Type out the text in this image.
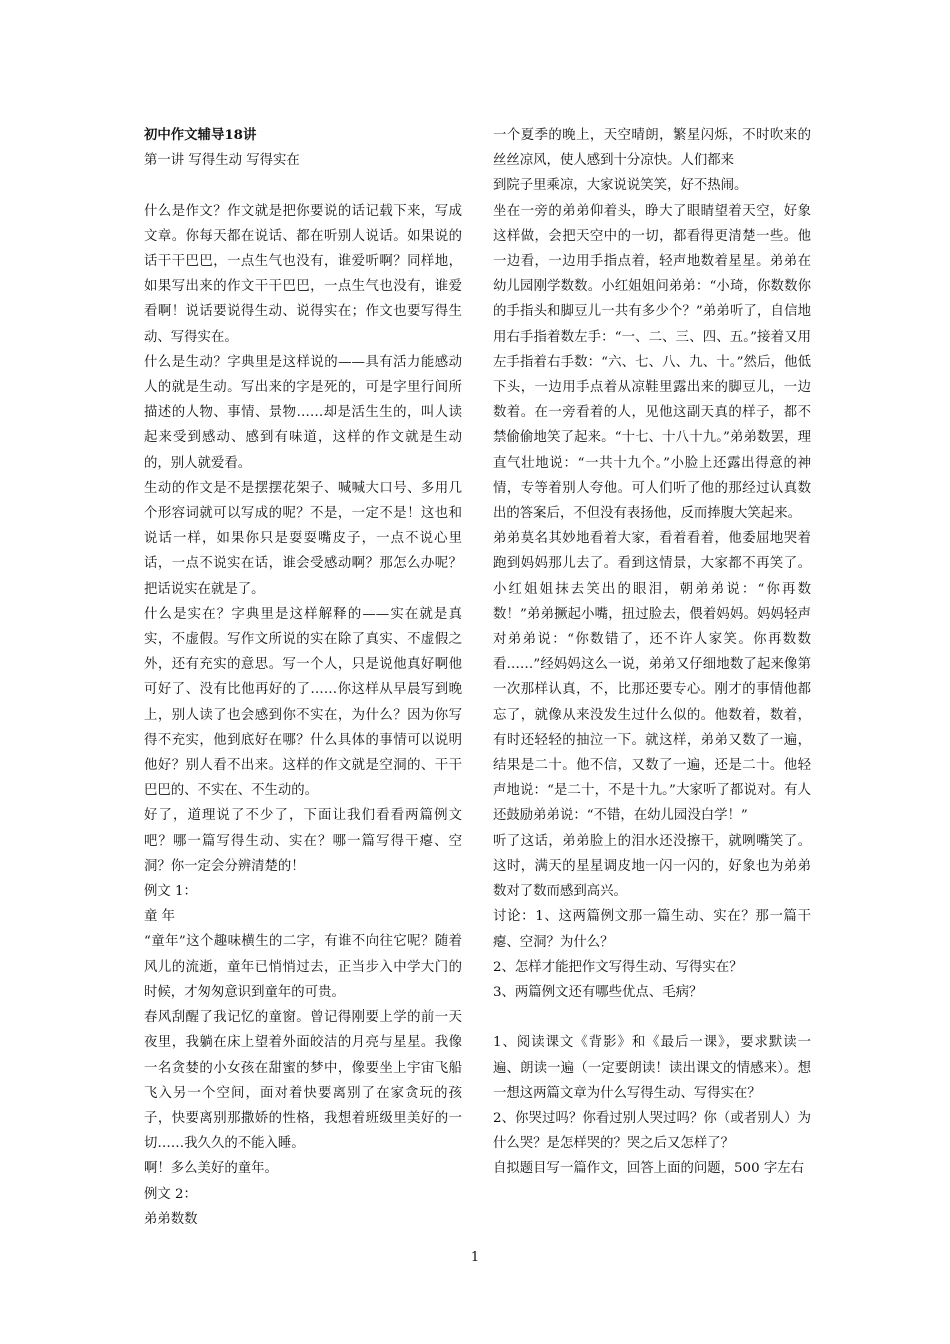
初中作文辅导18讲
第一讲 写得生动 写得实在
什么是作文？作文就是把你要说的话记载下来，写成文章。你每天都在说话、都在听别人说话。如果说的话干干巴巴，一点生气也没有，谁爱听啊？同样地，如果写出来的作文干干巴巴，一点生气也没有，谁爱看啊！说话要说得生动、说得实在；作文也要写得生动、写得实在。
什么是生动？字典里是这样说的——具有活力能感动人的就是生动。写出来的字是死的，可是字里行间所描述的人物、事情、景物……却是活生生的，叫人读起来受到感动、感到有味道，这样的作文就是生动的，别人就爱看。
生动的作文是不是摆摆花架子、喊喊大口号、多用几个形容词就可以写成的呢？不是，一定不是！这也和说话一样，如果你只是耍耍嘴皮子，一点不说心里话，一点不说实在话，谁会受感动啊？那怎么办呢？把话说实在就是了。
什么是实在？字典里是这样解释的——实在就是真实，不虚假。写作文所说的实在除了真实、不虚假之外，还有充实的意思。写一个人，只是说他真好啊他可好了、没有比他再好的了……你这样从早晨写到晚上，别人读了也会感到你不实在，为什么？因为你写得不充实，他到底好在哪？什么具体的事情可以说明他好？别人看不出来。这样的作文就是空洞的、干干巴巴的、不实在、不生动的。
好了，道理说了不少了，下面让我们看看两篇例文吧？哪一篇写得生动、实在？哪一篇写得干瘪、空洞？你一定会分辨清楚的！
例文 1：
童 年
“童年”这个趣味横生的二字，有谁不向往它呢？随着风儿的流逝，童年已悄悄过去，正当步入中学大门的时候，才匆匆意识到童年的可贵。
春风刮醒了我记忆的童窗。曾记得刚要上学的前一天夜里，我躺在床上望着外面皎洁的月亮与星星。我像一名贪婪的小女孩在甜蜜的梦中，像要坐上宇宙飞船飞入另一个空间，面对着快要离别了在家贪玩的孩子，快要离别那撒娇的性格，我想着班级里美好的一切……我久久的不能入睡。
啊！多么美好的童年。
例文 2：
弟弟数数
一个夏季的晚上，天空晴朗，繁星闪烁，不时吹来的丝丝凉风，使人感到十分凉快。人们都来
到院子里乘凉，大家说说笑笑，好不热闹。
坐在一旁的弟弟仰着头，睁大了眼睛望着天空，好象这样做，会把天空中的一切，都看得更清楚一些。他一边看，一边用手指点着，轻声地数着星星。弟弟在幼儿园刚学数数。小红姐姐问弟弟：“小琦，你数数你的手指头和脚豆儿一共有多少个？”弟弟听了，自信地用右手指着数左手：“一、二、三、四、五。”接着又用左手指着右手数：“六、七、八、九、十。”然后，他低下头，一边用手点着从凉鞋里露出来的脚豆儿，一边数着。在一旁看着的人，见他这副天真的样子，都不禁偷偷地笑了起来。“十七、十八十九。”弟弟数罢，理直气壮地说：“一共十九个。”小脸上还露出得意的神情，专等着别人夸他。可人们听了他的那经过认真数出的答案后，不但没有表扬他，反而捧腹大笑起来。
弟弟莫名其妙地看着大家，看着看着，他委屈地哭着跑到妈妈那儿去了。看到这情景，大家都不再笑了。小红姐姐抹去笑出的眼泪，朝弟弟说：“你再数数！”弟弟撅起小嘴，扭过脸去，偎着妈妈。妈妈轻声对弟弟说：“你数错了，还不许人家笑。你再数数看……”经妈妈这么一说，弟弟又仔细地数了起来像第一次那样认真，不，比那还要专心。刚才的事情他都忘了，就像从来没发生过什么似的。他数着，数着，有时还轻轻的抽泣一下。就这样，弟弟又数了一遍，结果是二十。他不信，又数了一遍，还是二十。他轻声地说：“是二十，不是十九。”大家听了都说对。有人还鼓励弟弟说：“不错，在幼儿园没白学！”
听了这话，弟弟脸上的泪水还没擦干，就咧嘴笑了。这时，满天的星星调皮地一闪一闪的，好象也为弟弟数对了数而感到高兴。
讨论：1、这两篇例文那一篇生动、实在？那一篇干瘪、空洞？为什么？
2、怎样才能把作文写得生动、写得实在？
3、两篇例文还有哪些优点、毛病？
1、阅读课文《背影》和《最后一课》，要求默读一遍、朗读一遍（一定要朗读！读出课文的情感来）。想一想这两篇文章为什么写得生动、写得实在？
2、你哭过吗？你看过别人哭过吗？你（或者别人）为什么哭？是怎样哭的？哭之后又怎样了？
自拟题目写一篇作文，回答上面的问题，500 字左右
1
